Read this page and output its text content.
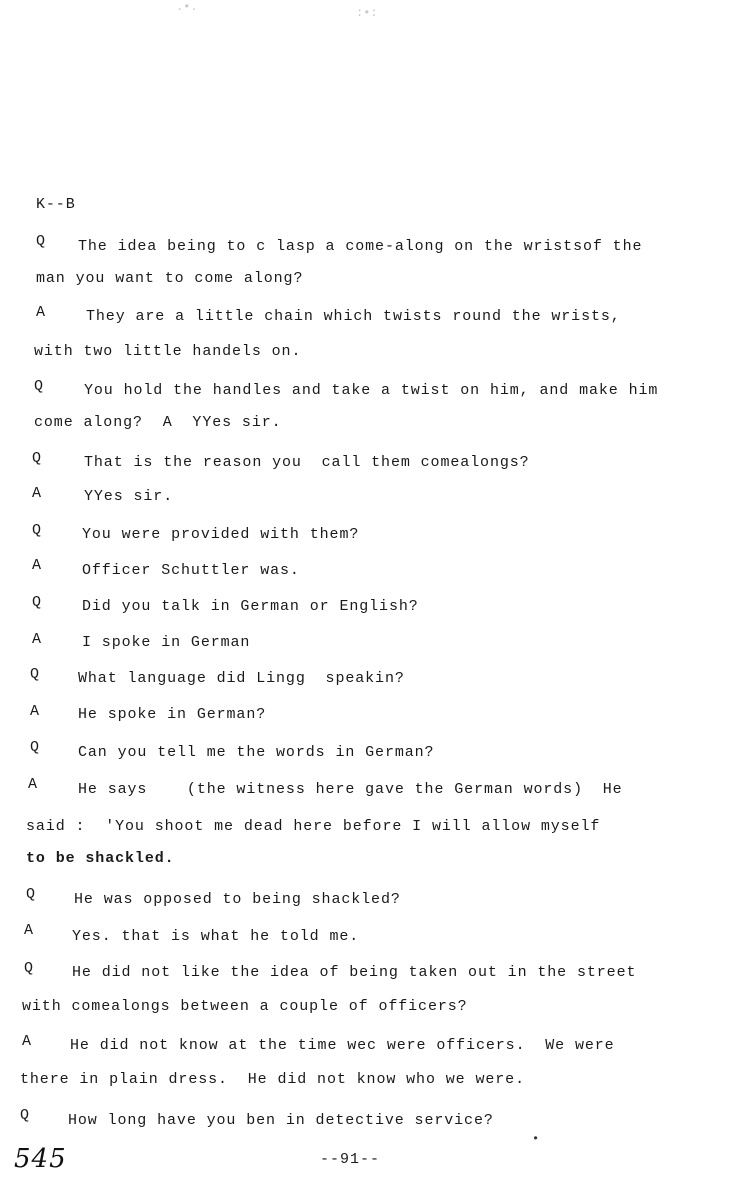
.•.	:•:
K--B
Q The idea being to c lasp a come-along on the wristsof the
man you want to come along?
A	They are a little chain which twists round the wrists,
with two little handels on.
Q	You hold the handles and take a twist on him, and make him
come along?  A  YYes sir.
Q	That is the reason you  call them comealongs?
A	YYes sir.
Q	You were provided with them?
A	Officer Schuttler was.
Q	Did you talk in German or English?
A	I spoke in German
Q	What language did Lingg  speakin?
A	He spoke in German?
Q	Can you tell me the words in German?
A	He says    (the witness here gave the German words)  He
said :  'You shoot me dead here before I will allow myself
to be shackled.
Q	He was opposed to being shackled?
A	Yes. that is what he told me.
Q	He did not like the idea of being taken out in the street
with comealongs between a couple of officers?
A	He did not know at the time wec were officers.  We were
there in plain dress.  He did not know who we were.
Q	How long have you ben in detective service?
•
545	--91--
